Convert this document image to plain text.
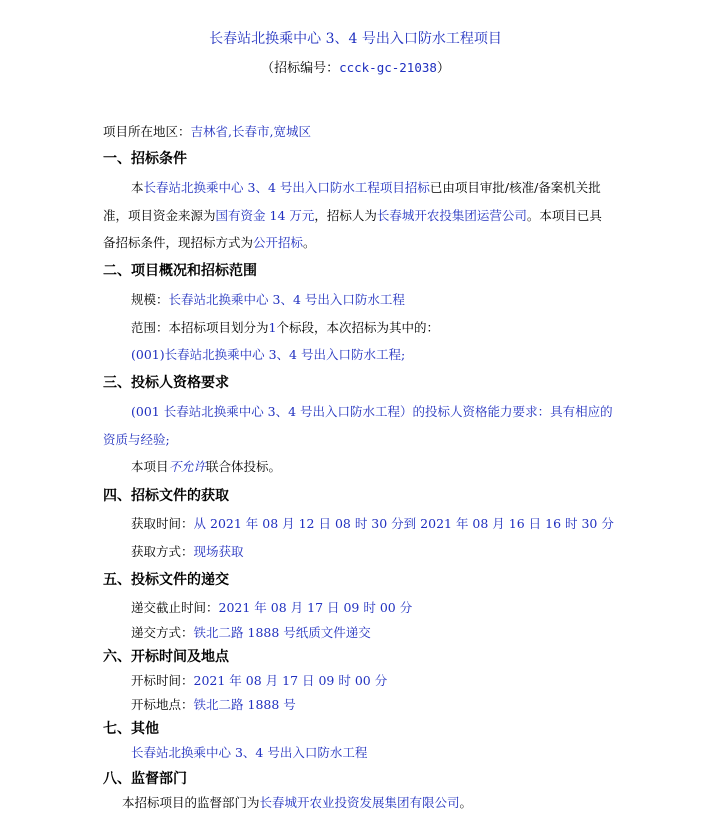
长春站北换乘中心 3、4 号出入口防水工程项目
（招标编号：ccck-gc-21038）
项目所在地区：吉林省,长春市,宽城区
一、招标条件
本长春站北换乘中心 3、4 号出入口防水工程项目招标已由项目审批/核准/备案机关批
准，项目资金来源为国有资金 14 万元，招标人为长春城开农投集团运营公司。本项目已具
备招标条件，现招标方式为公开招标。
二、项目概况和招标范围
规模：长春站北换乘中心 3、4 号出入口防水工程
范围：本招标项目划分为1个标段，本次招标为其中的：
(001)长春站北换乘中心 3、4 号出入口防水工程;
三、投标人资格要求
(001 长春站北换乘中心 3、4 号出入口防水工程）的投标人资格能力要求：具有相应的
资质与经验;
本项目不允许联合体投标。
四、招标文件的获取
获取时间：从 2021 年 08 月 12 日 08 时 30 分到 2021 年 08 月 16 日 16 时 30 分
获取方式：现场获取
五、投标文件的递交
递交截止时间：2021 年 08 月 17 日 09 时 00 分
递交方式：铁北二路 1888 号纸质文件递交
六、开标时间及地点
开标时间：2021 年 08 月 17 日 09 时 00 分
开标地点：铁北二路 1888 号
七、其他
长春站北换乘中心 3、4 号出入口防水工程
八、监督部门
本招标项目的监督部门为长春城开农业投资发展集团有限公司。
